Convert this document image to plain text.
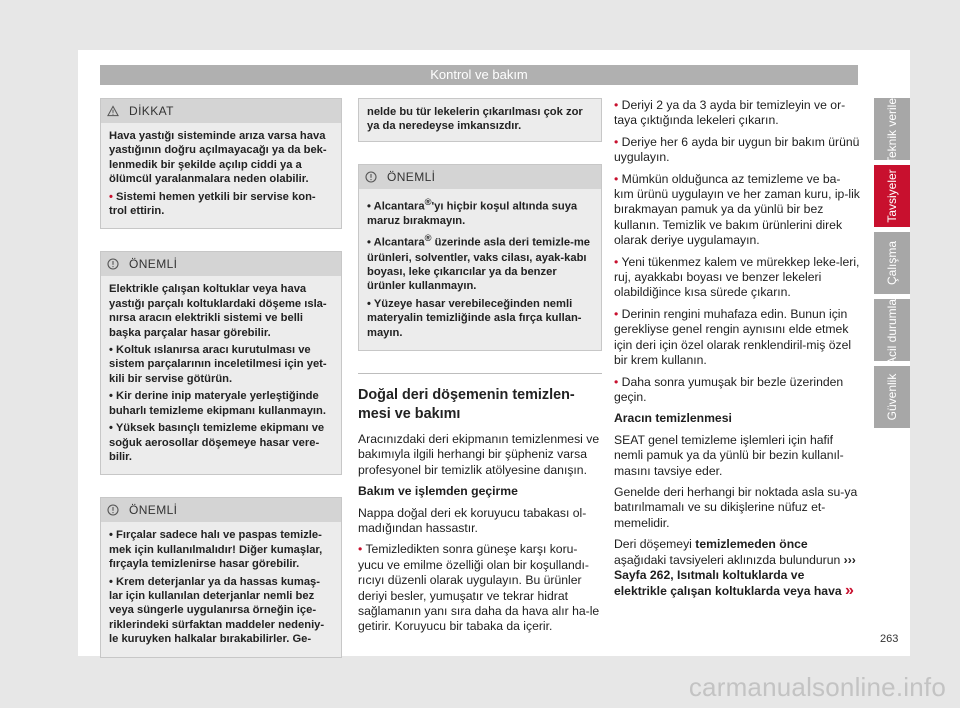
Kontrol ve bakım
DİKKAT

Hava yastığı sisteminde arıza varsa hava yastığının doğru açılmayacağı ya da bek-lenmedik bir şekilde açılıp ciddi ya a ölümcül yaralanmalara neden olabilir.

• Sistemi hemen yetkili bir servise kon-trol ettirin.

ÖNEMLİ

Elektrikle çalışan koltuklar veya hava yastığı parçalı koltuklardaki döşeme ısla-nırsa aracın elektrikli sistemi ve belli başka parçalar hasar görebilir.

• Koltuk ıslanırsa aracı kurutulması ve sistem parçalarının inceletilmesi için yet-kili bir servise götürün.

• Kir derine inip materyale yerleştiğinde buharlı temizleme ekipmanı kullanmayın.

• Yüksek basınçlı temizleme ekipmanı ve soğuk aerosollar döşemeye hasar vere-bilir.

ÖNEMLİ

• Fırçalar sadece halı ve paspas temizle-mek için kullanılmalıdır! Diğer kumaşlar, fırçayla temizlenirse hasar görebilir.

• Krem deterjanlar ya da hassas kumaş-lar için kullanılan deterjanlar nemli bez veya süngerle uygulanırsa örneğin içe-riklerindeki sürfaktan maddeler nedeniy-le kuruyken halkalar bırakabilirler. Ge-

nelde bu tür lekelerin çıkarılması çok zor ya da neredeyse imkansızdır.
ÖNEMLİ

• Alcantara®'yı hiçbir koşul altında suya maruz bırakmayın.

• Alcantara® üzerinde asla deri temizle-me ürünleri, solventler, vaks cilası, ayak-kabı boyası, leke çıkarıcılar ya da benzer ürünler kullanmayın.

• Yüzeye hasar verebileceğinden nemli materyalin temizliğinde asla fırça kullan-mayın.

Doğal deri döşemenin temizlen-mesi ve bakımı

Aracınızdaki deri ekipmanın temizlenmesi ve bakımıyla ilgili herhangi bir şüpheniz varsa profesyonel bir temizlik atölyesine danışın.

Bakım ve işlemden geçirme

Nappa doğal deri ek koruyucu tabakası ol-madığından hassastır.

• Temizledikten sonra güneşe karşı koru-yucu ve emilme özelliği olan bir koşullandı-rıcıyı düzenli olarak uygulayın. Bu ürünler deriyi besler, yumuşatır ve tekrar hidrat sağlamanın yanı sıra daha da hava alır ha-le getirir. Koruyucu bir tabaka da içerir.

• Deriyi 2 ya da 3 ayda bir temizleyin ve or-taya çıktığında lekeleri çıkarın.

• Deriye her 6 ayda bir uygun bir bakım ürünü uygulayın.

• Mümkün olduğunca az temizleme ve ba-kım ürünü uygulayın ve her zaman kuru, ip-lik bırakmayan pamuk ya da yünlü bir bez kullanın. Temizlik ve bakım ürünlerini direk olarak deriye uygulamayın.

• Yeni tükenmez kalem ve mürekkep leke-leri, ruj, ayakkabı boyası ve benzer lekeleri olabildiğince kısa sürede çıkarın.

• Derinin rengini muhafaza edin. Bunun için gerekliyse genel rengin aynısını elde etmek için deri için özel olarak renklendiril-miş özel bir krem kullanın.

• Daha sonra yumuşak bir bezle üzerinden geçin.

Aracın temizlenmesi

SEAT genel temizleme işlemleri için hafif nemli pamuk ya da yünlü bir bezin kullanıl-masını tavsiye eder.

Genelde deri herhangi bir noktada asla su-ya batırılmamalı ve su dikişlerine nüfuz et-memelidir.

Deri döşemeyi temizlemeden önce aşağıdaki tavsiyeleri aklınızda bulundurun ››› Sayfa 262, Isıtmalı koltuklarda ve elektrikle çalışan koltuklarda veya hava »

Teknik veriler
Tavsiyeler
Çalışma
Acil durumlar
Güvenlik
263
carmanualsonline.info
